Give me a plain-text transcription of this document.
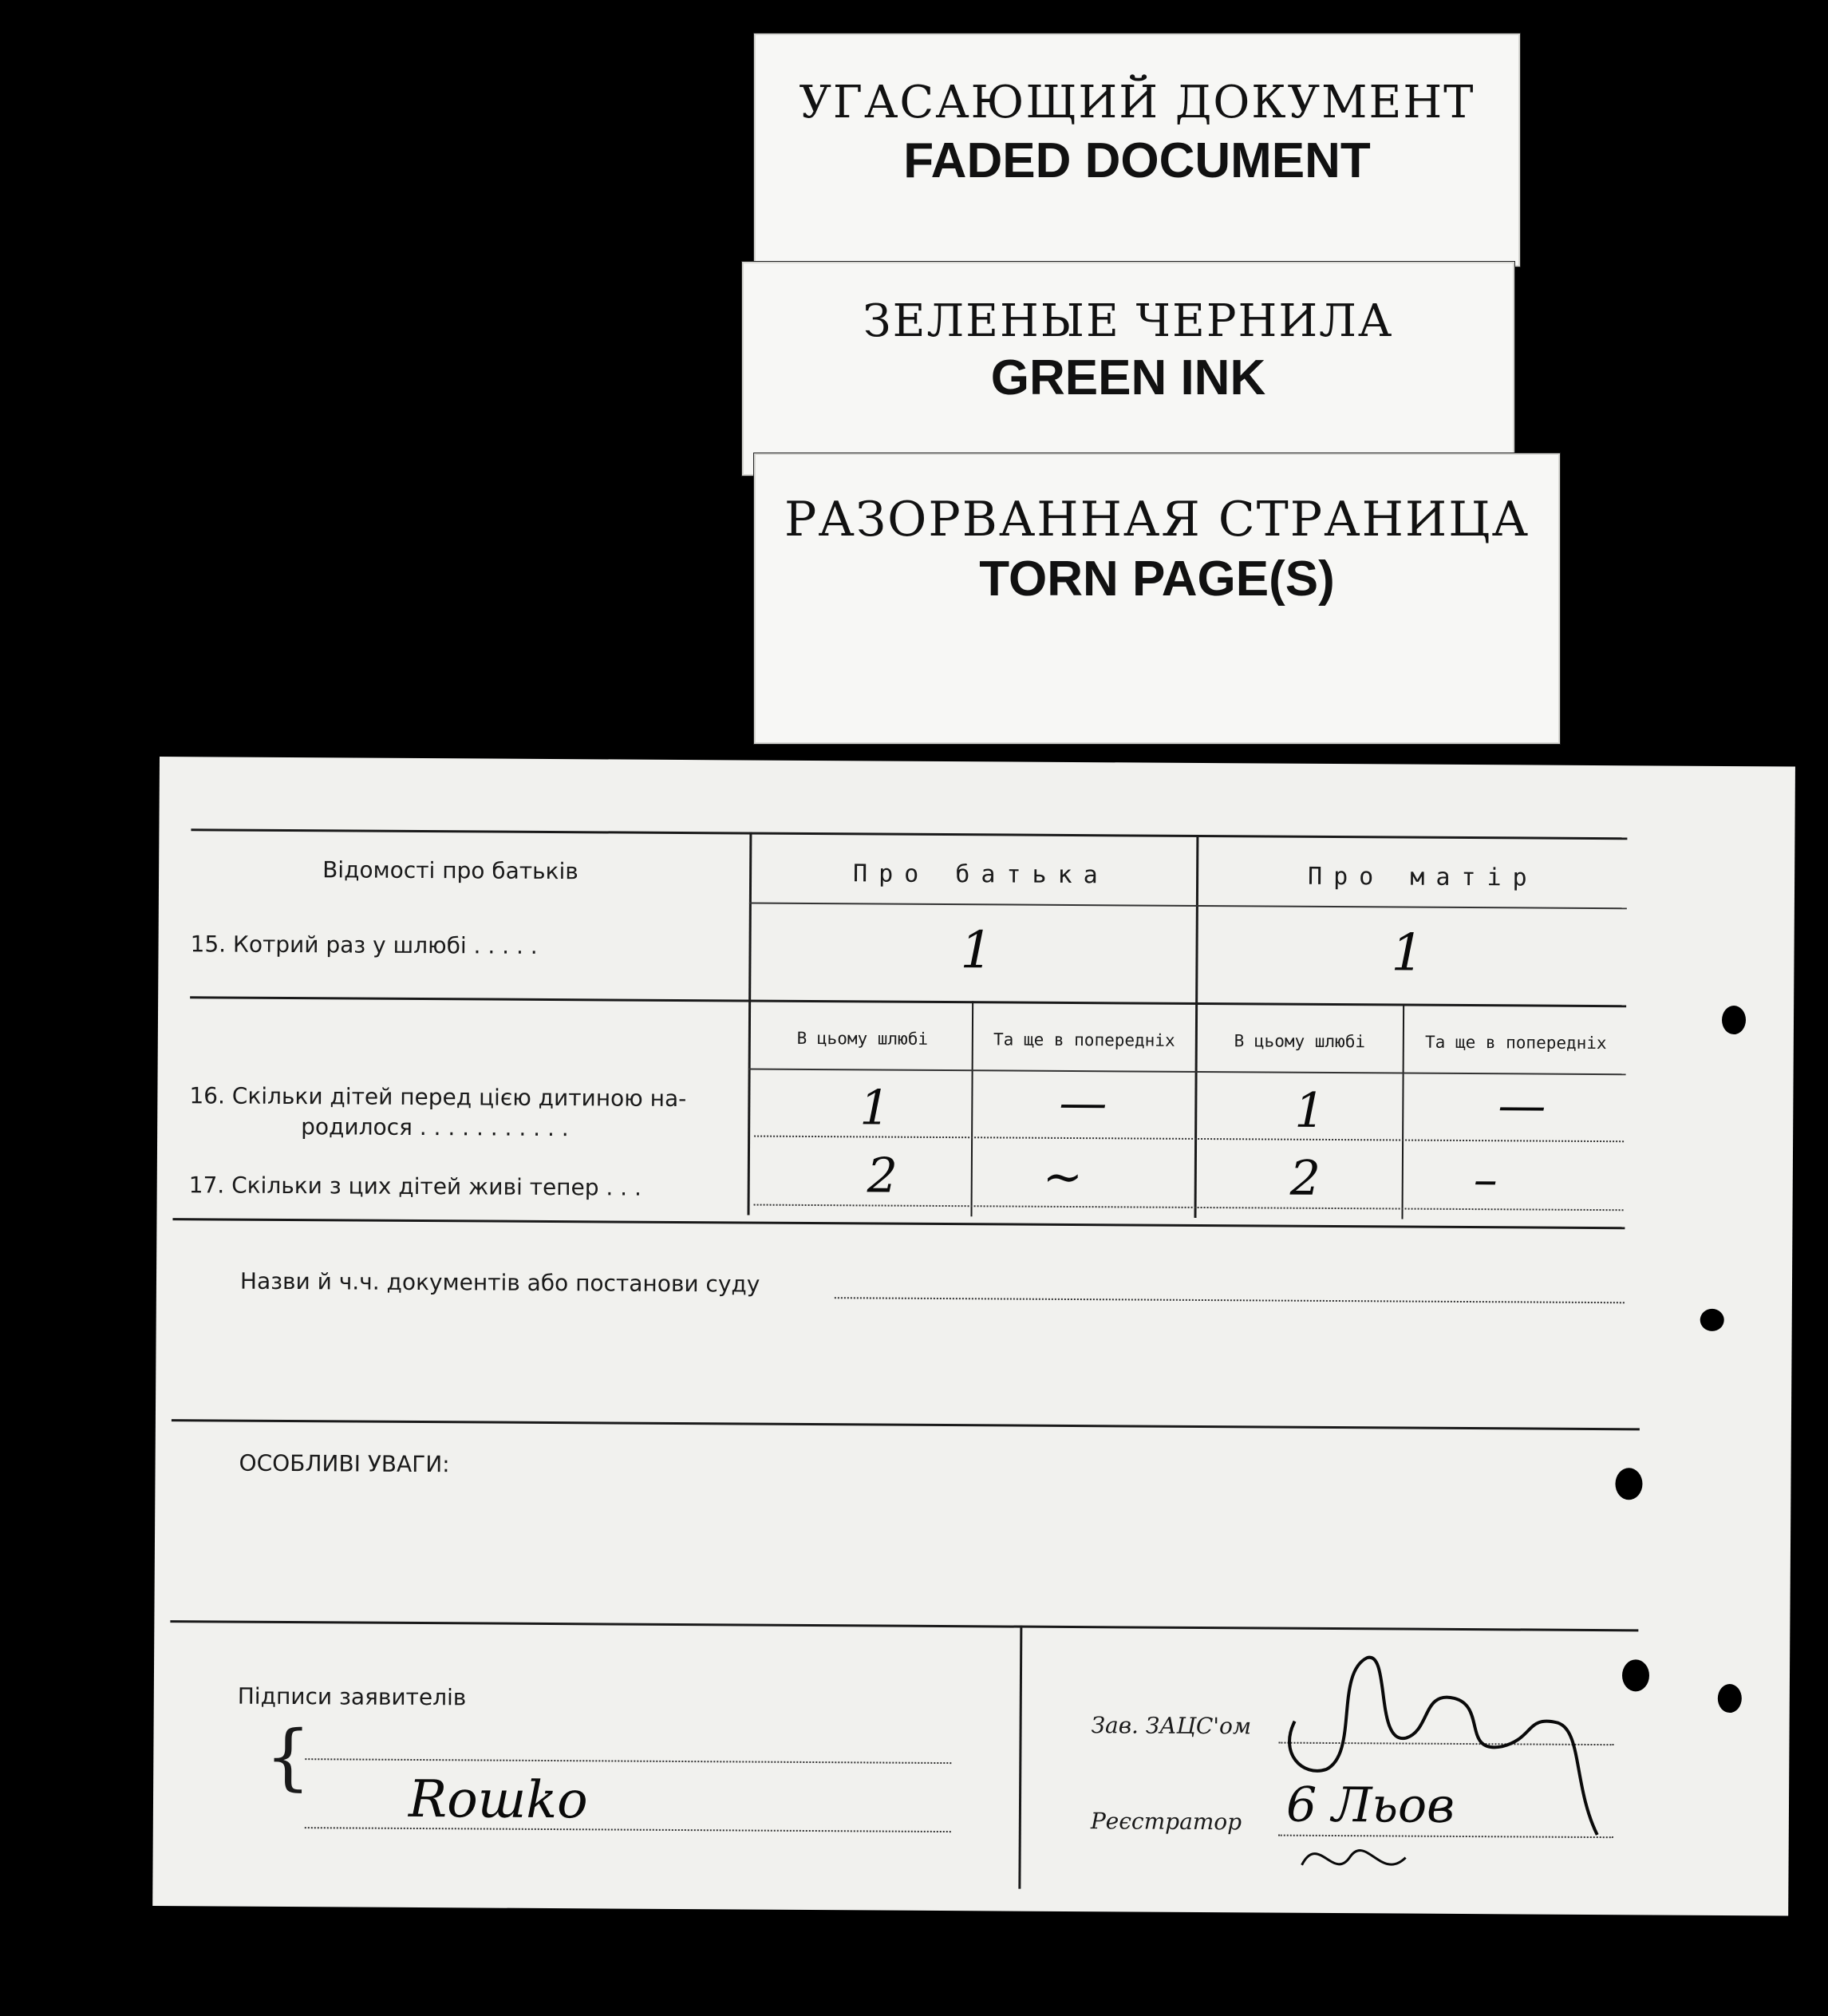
УГАСАЮЩИЙ ДОКУМЕНТ
FADED DOCUMENT
ЗЕЛЕНЫЕ ЧЕРНИЛА
GREEN INK
РАЗОРВАННАЯ СТРАНИЦА
TORN PAGE(S)
Відомості про батьків	Про батька	Про матір
15. Котрий раз у шлюбі . . . . .	1	1
В цьому шлюбі	Та ще в попередніх	В цьому шлюбі	Та ще в попередніх
16. Скільки дітей перед цією дитиною на-
родилося . . . . . . . . . . .	1	—	1	—
17. Скільки з цих дітей живі тепер . . .	2	~	2	–
Назви й ч.ч. документів або постанови суду
ОСОБЛИВІ УВАГИ:
Підписи заявителів
{
Roшkо
Зав. ЗАЦС'ом
Реєстратор 6 Льов
